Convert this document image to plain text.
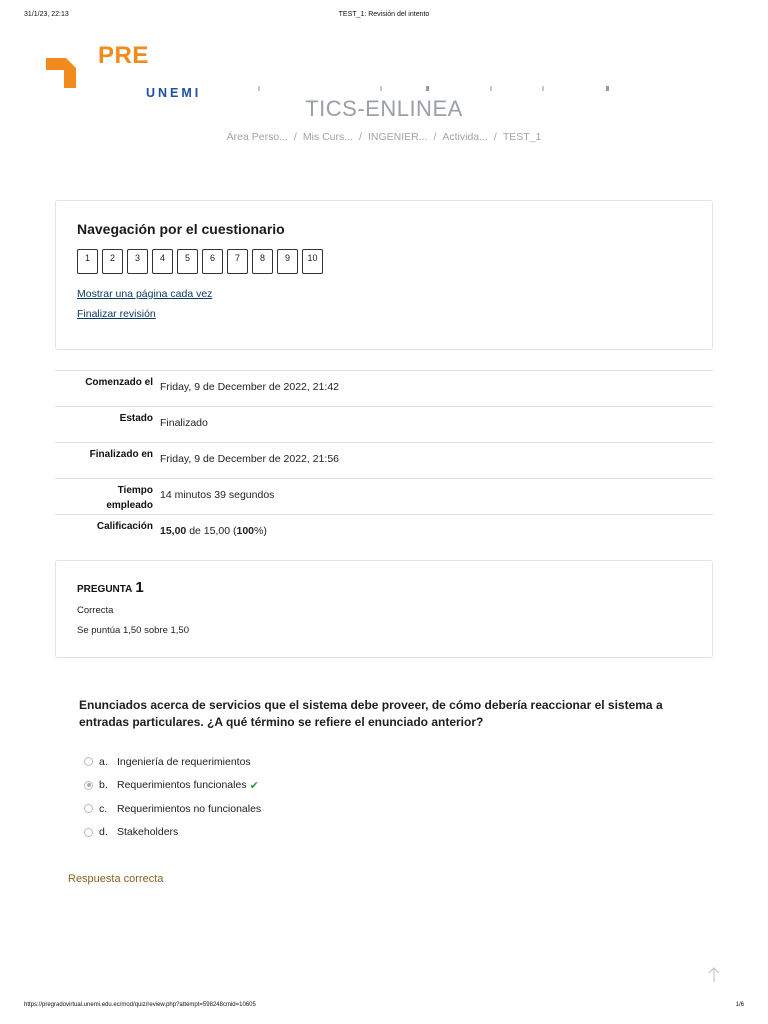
31/1/23, 22:13	TEST_1: Revisión del intento
PRE
UNEMI
TICS-ENLINEA
Área Perso... / Mis Curs... / INGENIER... / Activida... / TEST_1
Navegación por el cuestionario
1	2	3	4	5	6	7	8	9	10
Mostrar una página cada vez
Finalizar revisión
Comenzado el Friday, 9 de December de 2022, 21:42
Estado Finalizado
Finalizado en Friday, 9 de December de 2022, 21:56
Tiempo
empleado
14 minutos 39 segundos
Calificación 15,00 de 15,00 (100%)
PREGUNTA 1
Correcta
Se puntúa 1,50 sobre 1,50
Enunciados acerca de servicios que el sistema debe proveer, de cómo debería reaccionar el sistema a entradas particulares. ¿A qué término se refiere el enunciado anterior?
a. Ingeniería de requerimientos
b. Requerimientos funcionales ✔
c. Requerimientos no funcionales
d. Stakeholders
Respuesta correcta
https://pregradovirtual.unemi.edu.ec/mod/quiz/review.php?attempt=598248cmid=10605	1/6
